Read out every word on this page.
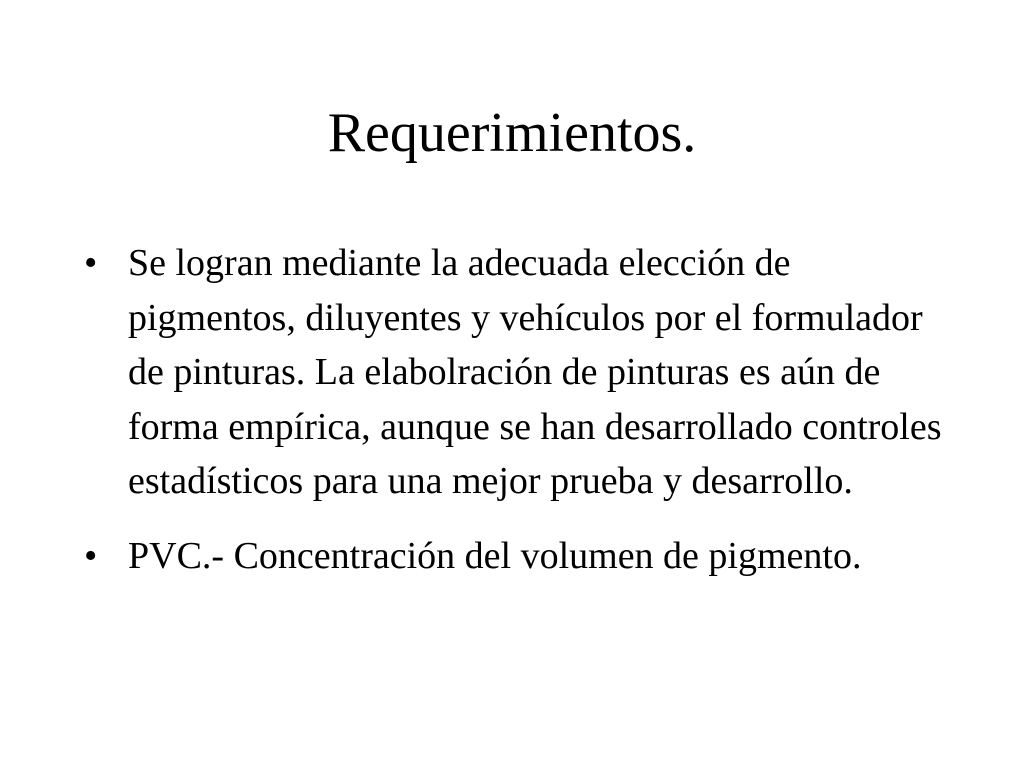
Requerimientos.
• Se logran mediante la adecuada elección de pigmentos, diluyentes y vehículos por el formulador de pinturas. La elabolración de pinturas es aún de forma empírica, aunque se han desarrollado controles estadísticos para una mejor prueba y desarrollo.
• PVC.- Concentración del volumen de pigmento.
